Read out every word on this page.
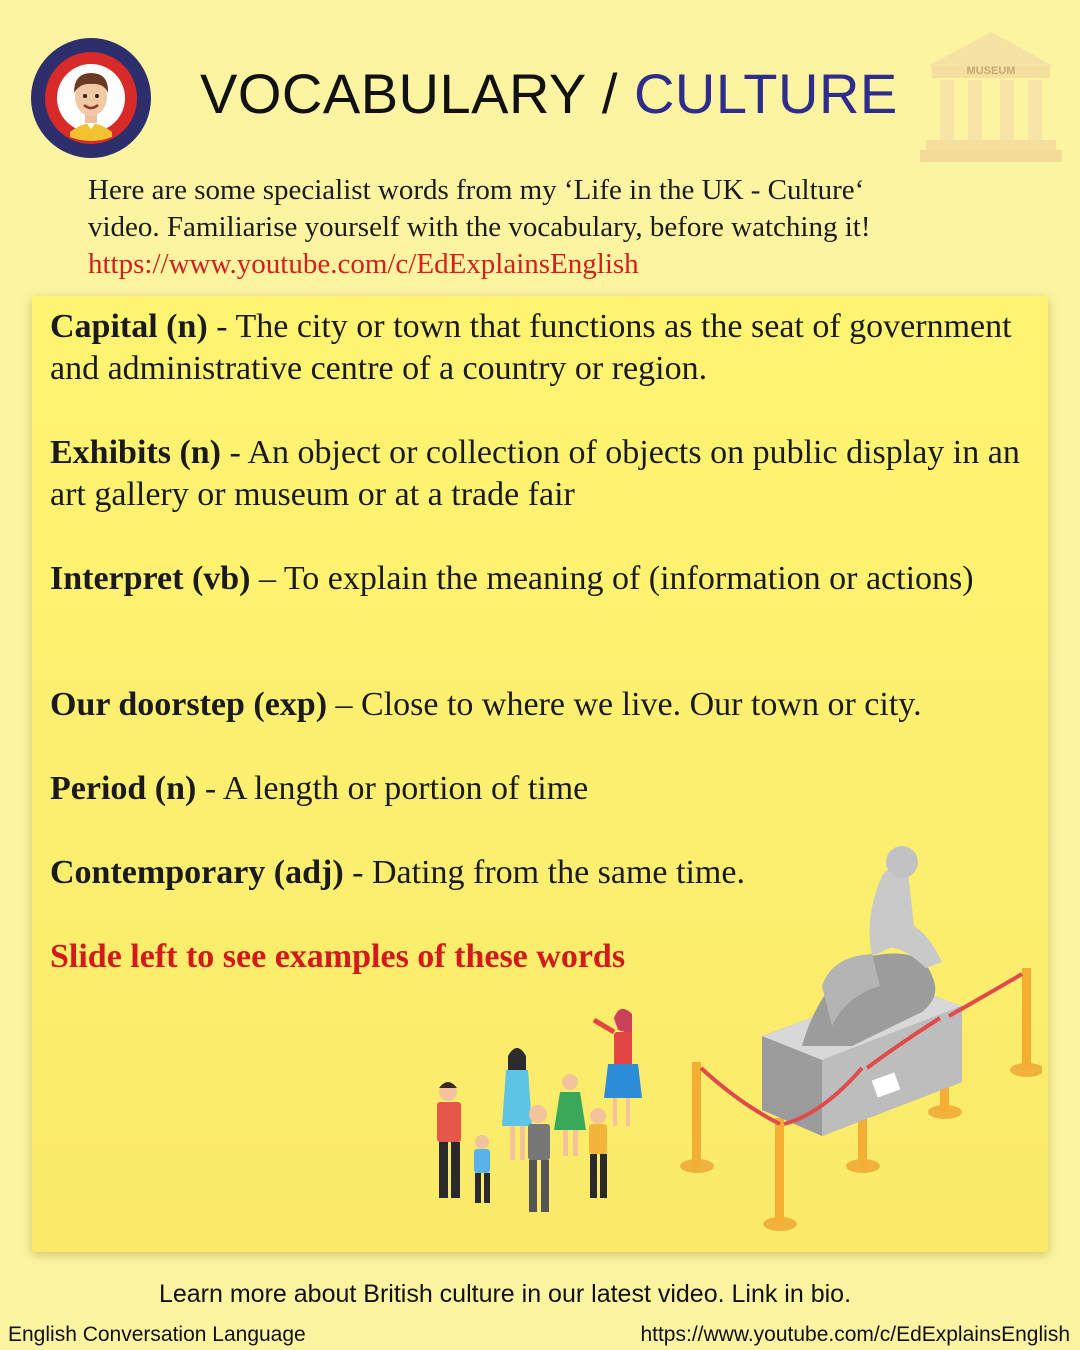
VOCABULARY / CULTURE	MUSEUM
Here are some specialist words from my ‘Life in the UK - Culture‘
video. Familiarise yourself with the vocabulary, before watching it!
https://www.youtube.com/c/EdExplainsEnglish

Capital (n) - The city or town that functions as the seat of government and administrative centre of a country or region.

Exhibits (n) - An object or collection of objects on public display in an art gallery or museum or at a trade fair

Interpret (vb) – To explain the meaning of (information or actions)

Our doorstep (exp) – Close to where we live. Our town or city.

Period (n) - A length or portion of time

Contemporary (adj) - Dating from the same time.

Slide left to see examples of these words

Learn more about British culture in our latest video. Link in bio.
English Conversation Language	https://www.youtube.com/c/EdExplainsEnglish
